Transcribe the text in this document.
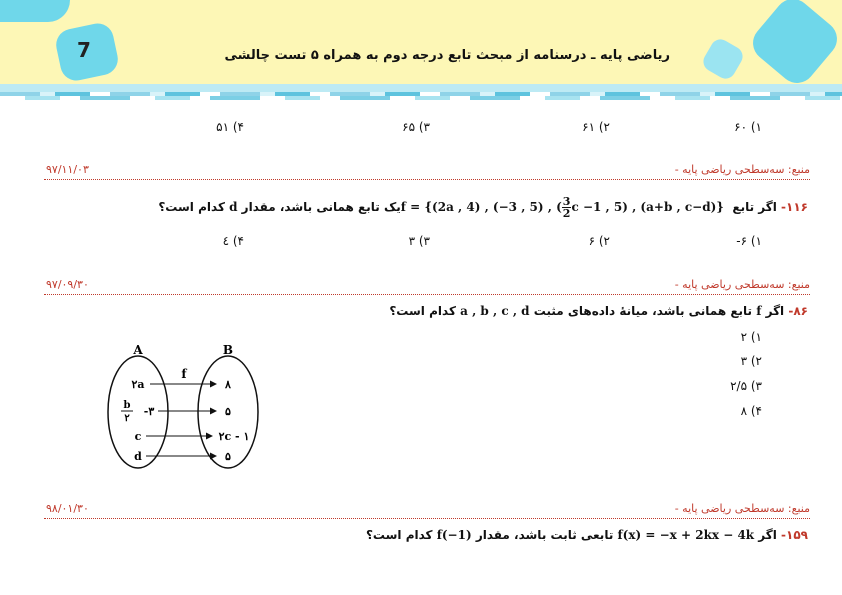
7	ریاضی پایه ـ درسنامه از مبحث تابع درجه دوم به همراه ۵ تست چالشی
۱) ۶۰
۲) ۶۱
۳) ۶۵
۴) ۵۱
منبع: سه‌سطحی ریاضی پایه -
۹۷/۱۱/۰۳
۱۱۶- اگر تابع f = {(2a , 4) , (−3 , 5) , ( $\frac{3}{2}$ c −1 , 5) , (a+b , c−d)} یک تابع همانی باشد، مقدار d کدام است؟
۱) ‎-۶
۲) ۶
۳) ۳
۴) ٤
منبع: سه‌سطحی ریاضی پایه -
۹۷/۰۹/۳۰
۸۶- اگر f تابع همانی باشد، میانهٔ داده‌های مثبت a , b , c , d کدام است؟
۱) ۲
۲) ۳
۳) ۲/۵
۴) ۸
A	B
f
۲a
b
۲
-۳
c
d
۸
۵
۲c - ۱
۵
منبع: سه‌سطحی ریاضی پایه -
۹۸/۰۱/۳۰
۱۵۹- اگر f(x) = −x + 2kx − 4k تابعی ثابت باشد، مقدار f(−1) کدام است؟
